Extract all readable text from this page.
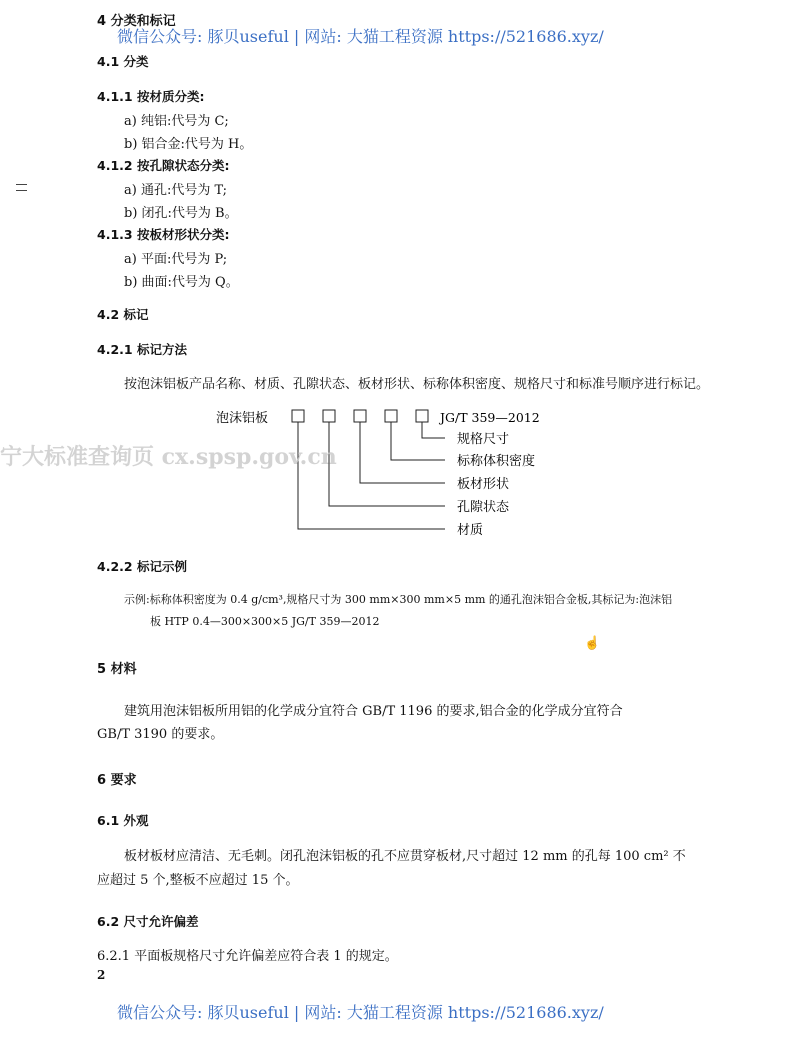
微信公众号: 豚贝useful | 网站: 大猫工程资源 https://521686.xyz/
4 分类和标记
4.1 分类
4.1.1 按材质分类:
a) 纯铝:代号为 C;
b) 铝合金:代号为 H。
4.1.2 按孔隙状态分类:
a) 通孔:代号为 T;
b) 闭孔:代号为 B。
4.1.3 按板材形状分类:
a) 平面:代号为 P;
b) 曲面:代号为 Q。
4.2 标记
4.2.1 标记方法
按泡沫铝板产品名称、材质、孔隙状态、板材形状、标称体积密度、规格尺寸和标准号顺序进行标记。
泡沫铝板	JG/T 359—2012
规格尺寸
标称体积密度
板材形状
孔隙状态
材质
宁大标准查询页 cx.spsp.gov.cn
4.2.2 标记示例
示例:标称体积密度为 0.4 g/cm³,规格尺寸为 300 mm×300 mm×5 mm 的通孔泡沫铝合金板,其标记为:泡沫铝
板 HTP 0.4—300×300×5 JG/T 359—2012
☝
5 材料
建筑用泡沫铝板所用铝的化学成分宜符合 GB/T 1196 的要求,铝合金的化学成分宜符合
GB/T 3190 的要求。
6 要求
6.1 外观
板材板材应清洁、无毛刺。闭孔泡沫铝板的孔不应贯穿板材,尺寸超过 12 mm 的孔每 100 cm² 不
应超过 5 个,整板不应超过 15 个。
6.2 尺寸允许偏差
6.2.1 平面板规格尺寸允许偏差应符合表 1 的规定。
2
微信公众号: 豚贝useful | 网站: 大猫工程资源 https://521686.xyz/
